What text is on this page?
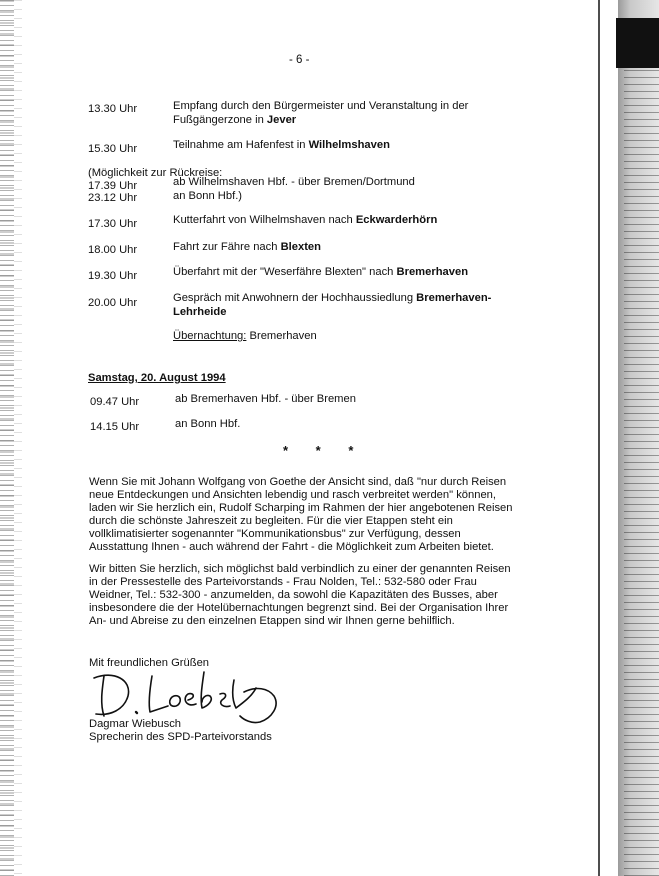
- 6 -
13.30 Uhr	Empfang durch den Bürgermeister und Veranstaltung in der
Fußgängerzone in Jever
15.30 Uhr	Teilnahme am Hafenfest in Wilhelmshaven
(Möglichkeit zur Rückreise:
17.39 Uhr	ab Wilhelmshaven Hbf. - über Bremen/Dortmund
23.12 Uhr	an Bonn Hbf.)
17.30 Uhr	Kutterfahrt von Wilhelmshaven nach Eckwarderhörn
18.00 Uhr	Fahrt zur Fähre nach Blexten
19.30 Uhr	Überfahrt mit der "Weserfähre Blexten" nach Bremerhaven
20.00 Uhr	Gespräch mit Anwohnern der Hochhaussiedlung Bremerhaven-
Lehrheide
Übernachtung: Bremerhaven
Samstag, 20. August 1994
09.47 Uhr	ab Bremerhaven Hbf. - über Bremen
14.15 Uhr	an Bonn Hbf.
* * *
Wenn Sie mit Johann Wolfgang von Goethe der Ansicht sind, daß "nur durch Reisen
neue Entdeckungen und Ansichten lebendig und rasch verbreitet werden" können,
laden wir Sie herzlich ein, Rudolf Scharping im Rahmen der hier angebotenen Reisen
durch die schönste Jahreszeit zu begleiten. Für die vier Etappen steht ein
vollklimatisierter sogenannter "Kommunikationsbus" zur Verfügung, dessen
Ausstattung Ihnen - auch während der Fahrt - die Möglichkeit zum Arbeiten bietet.
Wir bitten Sie herzlich, sich möglichst bald verbindlich zu einer der genannten Reisen
in der Pressestelle des Parteivorstands - Frau Nolden, Tel.: 532-580 oder Frau
Weidner, Tel.: 532-300 - anzumelden, da sowohl die Kapazitäten des Busses, aber
insbesondere die der Hotelübernachtungen begrenzt sind. Bei der Organisation Ihrer
An- und Abreise zu den einzelnen Etappen sind wir Ihnen gerne behilflich.
Mit freundlichen Grüßen
Dagmar Wiebusch
Sprecherin des SPD-Parteivorstands
